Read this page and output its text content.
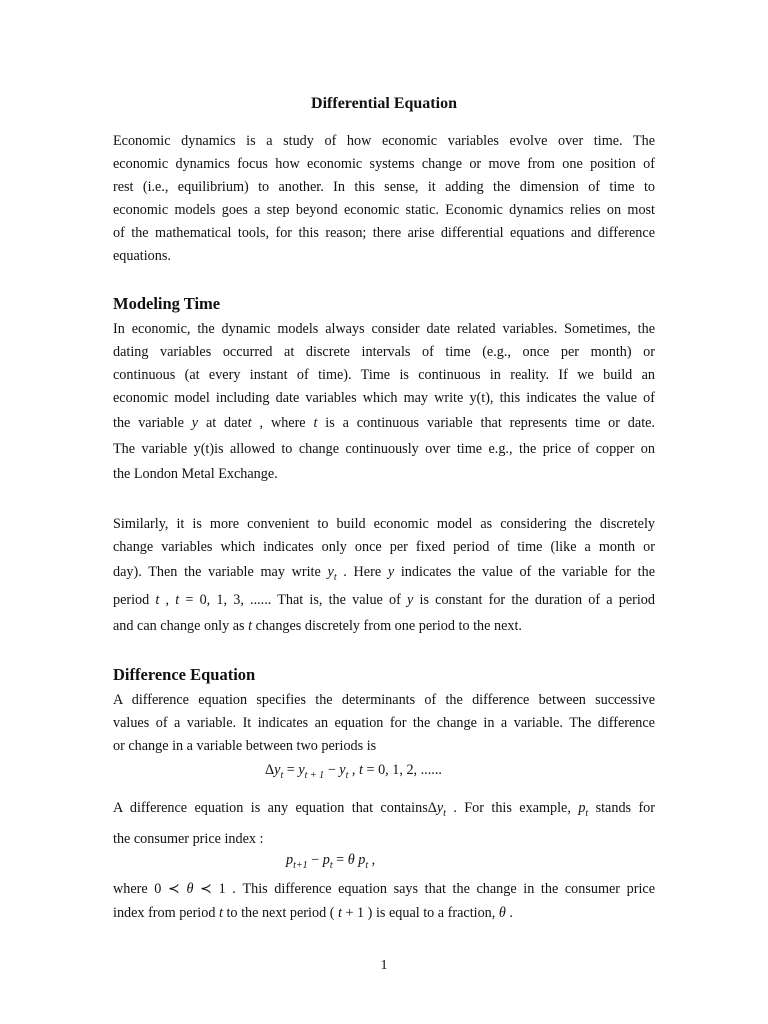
Differential Equation
Economic dynamics is a study of how economic variables evolve over time. The
economic dynamics focus how economic systems change or move from one position of
rest (i.e., equilibrium) to another. In this sense, it adding the dimension of time to
economic models goes a step beyond economic static. Economic dynamics relies on most
of the mathematical tools, for this reason; there arise differential equations and difference
equations.
Modeling Time
In economic, the dynamic models always consider date related variables. Sometimes, the
dating variables occurred at discrete intervals of time (e.g., once per month) or
continuous (at every instant of time). Time is continuous in reality. If we build an
economic model including date variables which may write y(t), this indicates the value of
the variable y at datet , where t is a continuous variable that represents time or date.
The variable y(t)is allowed to change continuously over time e.g., the price of copper on
the London Metal Exchange.
Similarly, it is more convenient to build economic model as considering the discretely
change variables which indicates only once per fixed period of time (like a month or
day). Then the variable may write $y_t$ . Here y indicates the value of the variable for the
period t , t = 0, 1, 3, ...... That is, the value of y is constant for the duration of a period
and can change only as t changes discretely from one period to the next.
Difference Equation
A difference equation specifies the determinants of the difference between successive
values of a variable. It indicates an equation for the change in a variable. The difference
or change in a variable between two periods is
$\Delta y_t = y_{t + 1} - y_t$ , t = 0, 1, 2, ......
A difference equation is any equation that containsΔy$_t$ . For this example, $p_t$ stands for
the consumer price index :
$p_{t+1} - p_t = \theta$ $p_t$ ,
where 0 ≺ θ ≺ 1 . This difference equation says that the change in the consumer price
index from period t to the next period ( t + 1 ) is equal to a fraction, θ .
1
